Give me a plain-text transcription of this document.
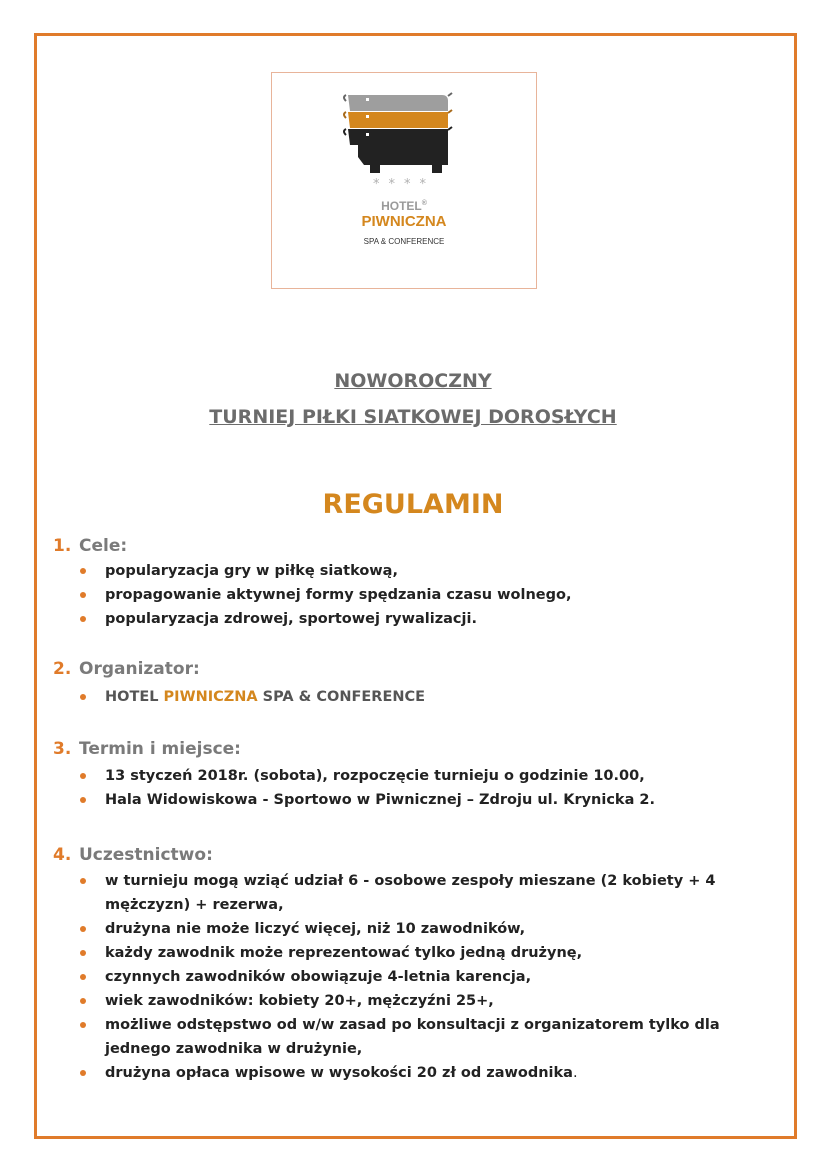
****
HOTEL®
PIWNICZNA
SPA & CONFERENCE
NOWOROCZNY
TURNIEJ PIŁKI SIATKOWEJ DOROSŁYCH
REGULAMIN
1. Cele:
popularyzacja gry w piłkę siatkową,
propagowanie aktywnej formy spędzania czasu wolnego,
popularyzacja zdrowej, sportowej rywalizacji.
2. Organizator:
HOTEL PIWNICZNA SPA & CONFERENCE
3. Termin i miejsce:
13 styczeń 2018r. (sobota), rozpoczęcie turnieju o godzinie 10.00,
Hala Widowiskowa - Sportowo w Piwnicznej – Zdroju ul. Krynicka 2.
4. Uczestnictwo:
w turnieju mogą wziąć udział 6 - osobowe zespoły mieszane (2 kobiety + 4 mężczyzn) + rezerwa,
drużyna nie może liczyć więcej, niż 10 zawodników,
każdy zawodnik może reprezentować tylko jedną drużynę,
czynnych zawodników obowiązuje 4-letnia karencja,
wiek zawodników: kobiety 20+, mężczyźni 25+,
możliwe odstępstwo od w/w zasad po konsultacji z organizatorem tylko dla jednego zawodnika w drużynie,
drużyna opłaca wpisowe w wysokości 20 zł od zawodnika.
